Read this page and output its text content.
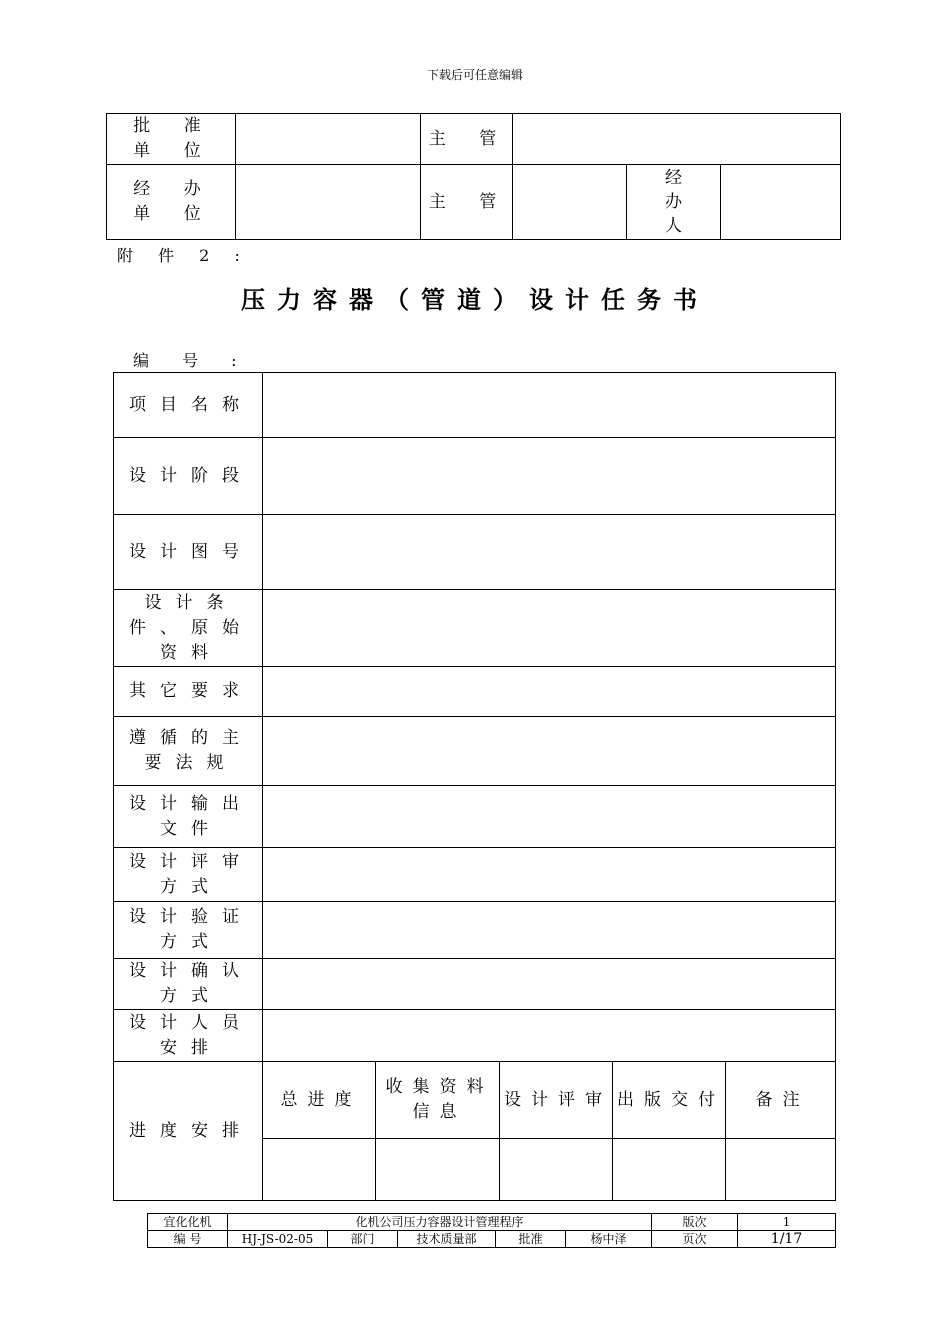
下载后可任意编辑
批 准 单 位		主 管			
经 办 单 位		主 管		经
办
人	

附 件 2 :
压力容器（管道）设计任务书
编 号 :
项目名称					
设计阶段					
设计图号					
设计条件、原始资料					
其它要求					
遵循的主要法规					
设计输出文件					
设计评审方式					
设计验证方式					
设计确认方式					
设计人员安排					
进度安排	总进度	收集资料信息	设计评审	出版交付	备注

宜化化机	化机公司压力容器设计管理程序					版次	1
编 号	HJ-JS-02-05	部门	技术质量部	批准	杨中泽	页次	1/17
